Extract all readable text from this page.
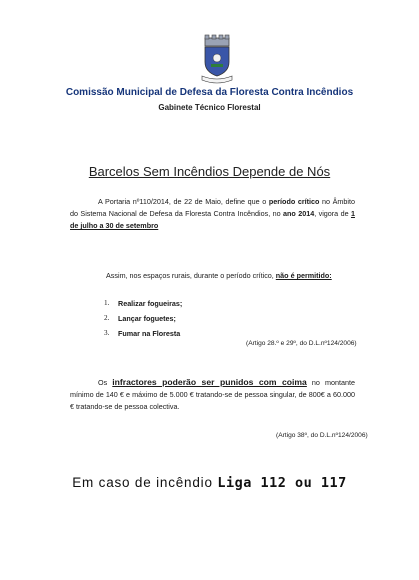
Comissão Municipal de Defesa da Floresta Contra Incêndios
Gabinete Técnico Florestal
Barcelos Sem Incêndios Depende de Nós
A Portaria nº110/2014, de 22 de Maio, define que o período crítico no Âmbito do Sistema Nacional de Defesa da Floresta Contra Incêndios, no ano 2014, vigora de 1 de julho a 30 de setembro
Assim, nos espaços rurais, durante o período crítico, não é permitido:
1.	Realizar fogueiras;
2.	Lançar foguetes;
3.	Fumar na Floresta
(Artigo 28.º e 29º, do D.L.nº124/2006)
Os infractores poderão ser punidos com coima no montante mínimo de 140 € e máximo de 5.000 € tratando-se de pessoa singular, de 800€ a 60.000 € tratando-se de pessoa colectiva.
(Artigo 38º, do D.L.nº124/2006)
Em caso de incêndio Liga 112 ou 117
